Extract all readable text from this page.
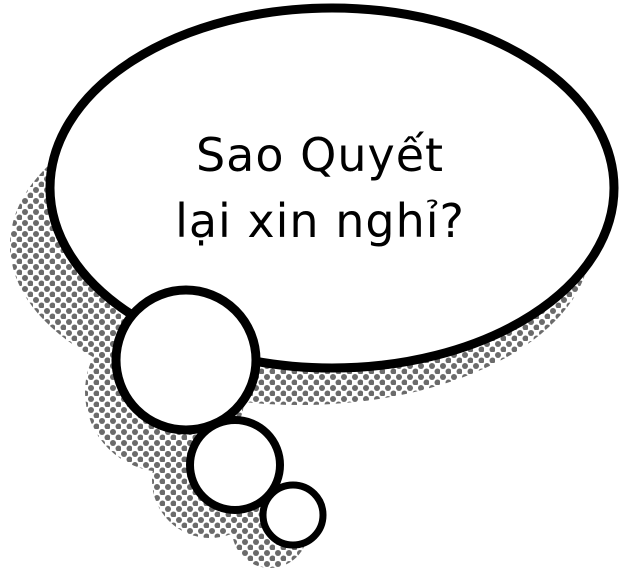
Sao Quyết
lại xin nghỉ?
